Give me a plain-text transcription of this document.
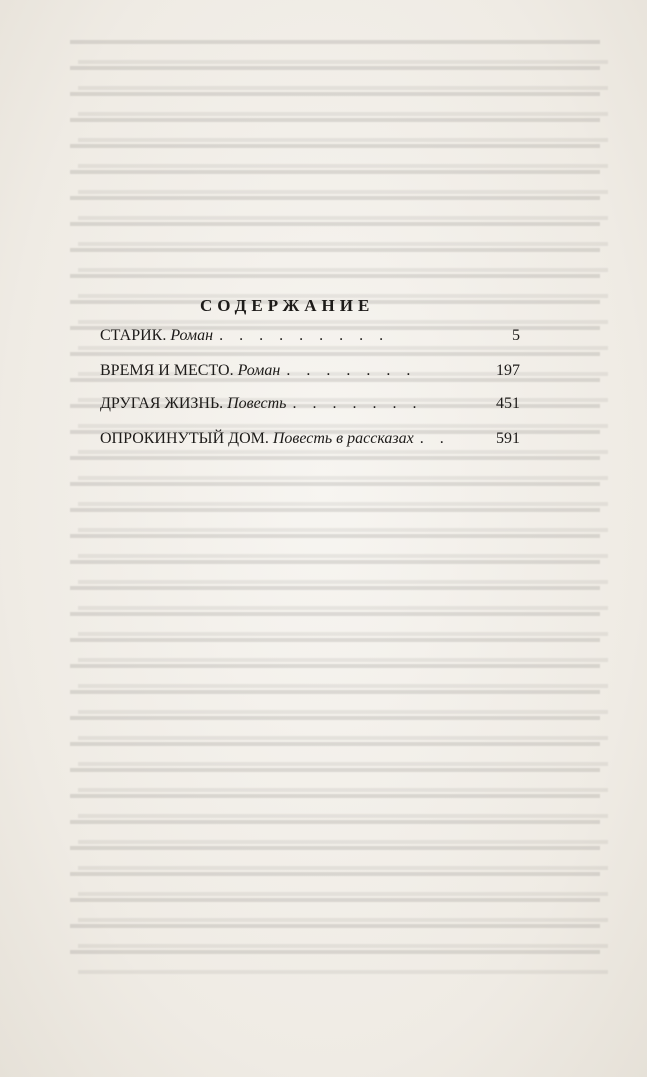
СОДЕРЖАНИЕ
СТАРИК. Роман . . . . . . . . .	5
ВРЕМЯ И МЕСТО. Роман . . . . . . .	197
ДРУГАЯ ЖИЗНЬ. Повесть . . . . . . .	451
ОПРОКИНУТЫЙ ДОМ. Повесть в рассказах . .	591
